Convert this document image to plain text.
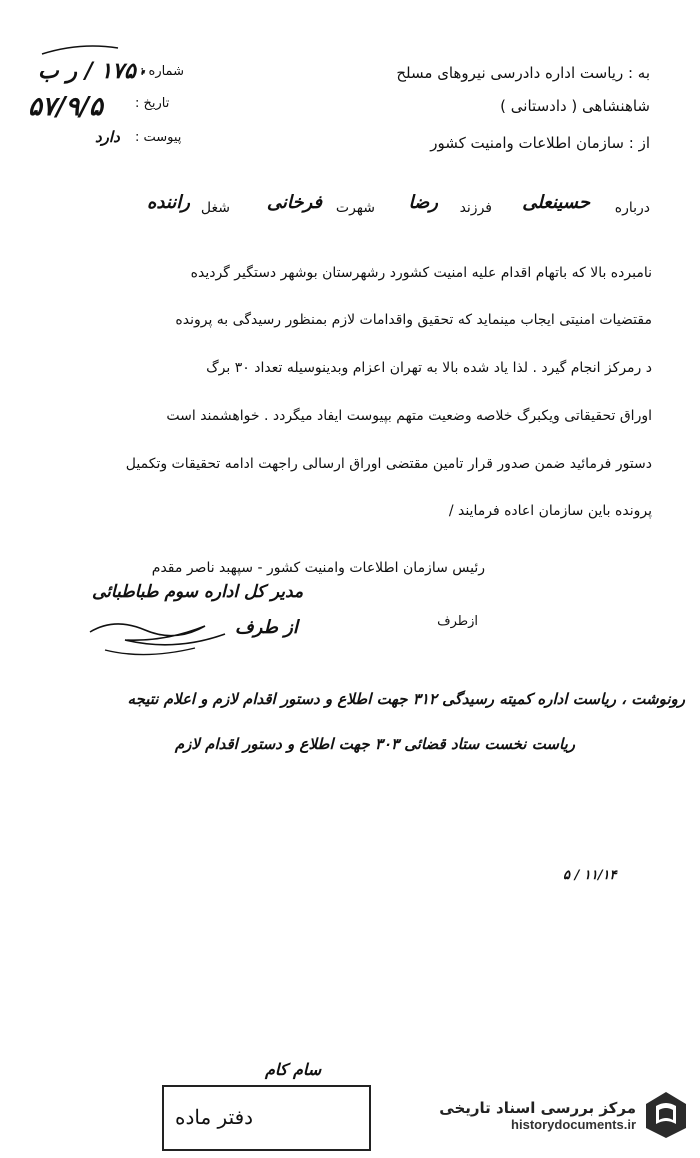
به : ریاست اداره دادرسی نیروهای مسلح
شاهنشاهی ( دادستانی )
از : سازمان اطلاعات وامنیت کشور
شماره :
۱۷۵۰ / ر ب
تاریخ :
۵۷/۹/۵
پیوست :
دارد
درباره
حسینعلی
فرزند
رضا
شهرت
فرخانی
شغل
راننده
نامبرده بالا که باتهام اقدام علیه امنیت کشورد رشهرستان بوشهر دستگیر گردیده
مقتضیات امنیتی ایجاب مینماید که تحقیق واقدامات لازم بمنظور رسیدگی به پرونده
د رمرکز انجام گیرد . لذا یاد شده بالا به تهران اعزام وبدینوسیله تعداد ۳۰ برگ
اوراق تحقیقاتی ویکبرگ خلاصه وضعیت متهم بپیوست ایفاد میگردد . خواهشمند است
دستور فرمائید ضمن صدور قرار تامین مقتضی اوراق ارسالی راجهت ادامه تحقیقات وتکمیل
پرونده باین سازمان اعاده فرمایند /
رئیس سازمان اطلاعات وامنیت کشور - سپهبد ناصر مقدم
مدیر کل اداره سوم طباطبائی
ازطرف
از طرف
رونوشت ، ریاست اداره کمیته رسیدگی ۳۱۲ جهت اطلاع و دستور اقدام لازم و اعلام نتیجه
ریاست نخست ستاد قضائی ۳۰۳ جهت اطلاع و دستور اقدام لازم
۱۱/۱۴ / ۵
سام کام
دفتر ماده	مرکز بررسی اسناد تاریخی
historydocuments.ir
